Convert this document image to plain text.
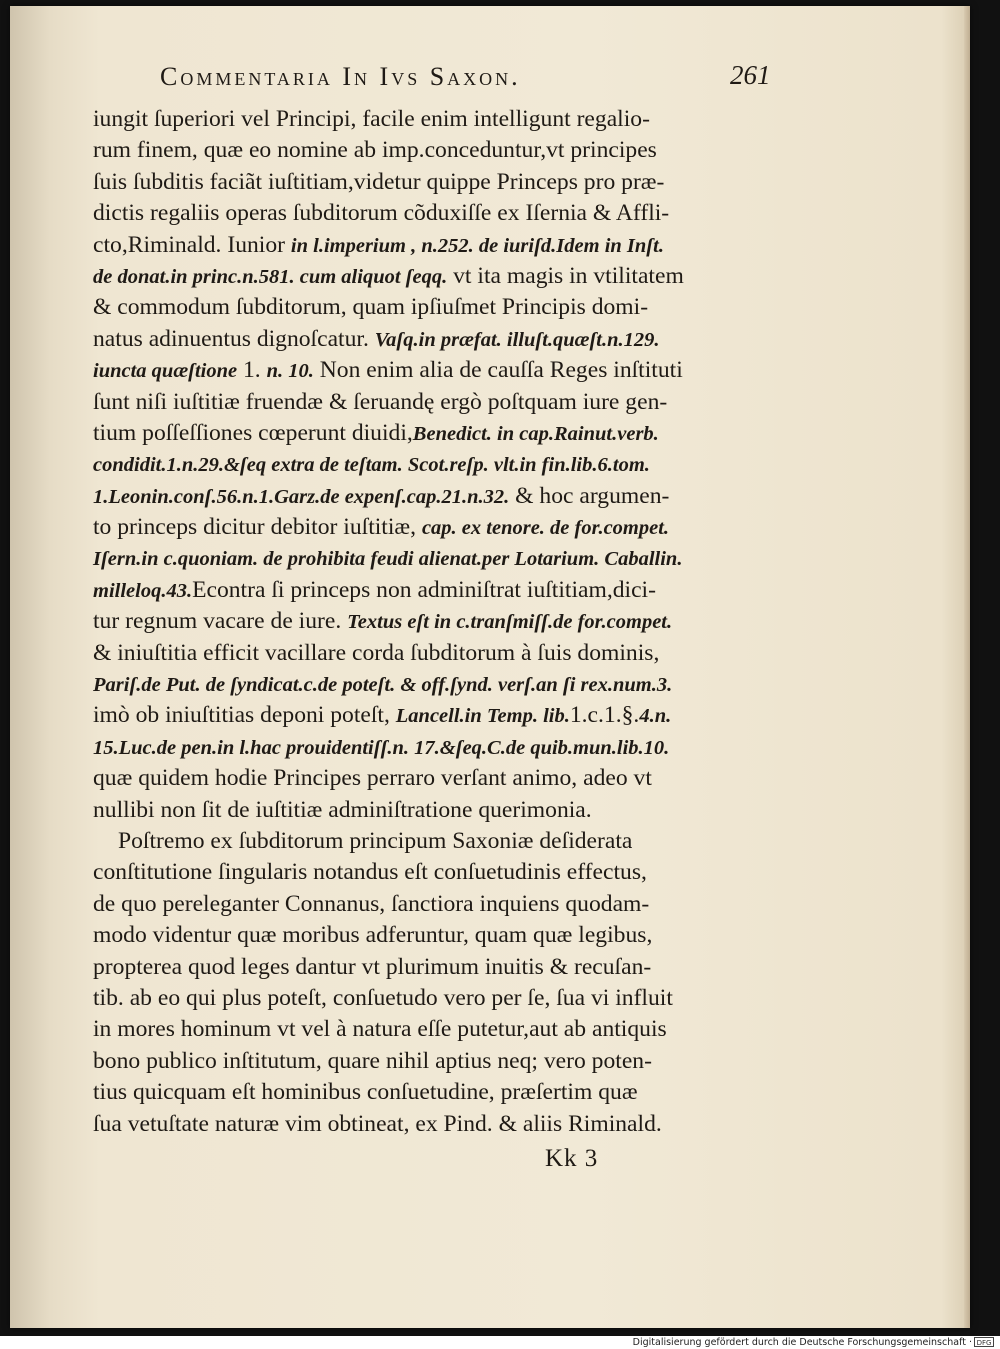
Commentaria In Ivs Saxon.	261
iungit ſuperiori vel Principi, facile enim intelligunt regalio-
rum finem, quæ eo nomine ab imp.conceduntur,vt principes
ſuis ſubditis faciãt iuſtitiam,videtur quippe Princeps pro præ-
dictis regaliis operas ſubditorum cõduxiſſe ex Iſernia & Affli-
cto,Riminald. Iunior in l.imperium , n.252. de iuriſd.Idem in Inſt.
de donat.in princ.n.581. cum aliquot ſeqq. vt ita magis in vtilitatem
& commodum ſubditorum, quam ipſiuſmet Principis domi-
natus adinuentus dignoſcatur. Vaſq.in præfat. illuſt.quæſt.n.129.
iuncta quæſtione 1. n. 10. Non enim alia de cauſſa Reges inſtituti
ſunt niſi iuſtitiæ fruendæ & ſeruandę ergò poſtquam iure gen-
tium poſſeſſiones cœperunt diuidi,Benedict. in cap.Rainut.verb.
condidit.1.n.29.&ſeq extra de teſtam. Scot.reſp. vlt.in fin.lib.6.tom.
1.Leonin.conſ.56.n.1.Garz.de expenſ.cap.21.n.32. & hoc argumen-
to princeps dicitur debitor iuſtitiæ, cap. ex tenore. de for.compet.
Iſern.in c.quoniam. de prohibita feudi alienat.per Lotarium. Caballin.
milleloq.43.Econtra ſi princeps non adminiſtrat iuſtitiam,dici-
tur regnum vacare de iure. Textus eſt in c.tranſmiſſ.de for.compet.
& iniuſtitia efficit vacillare corda ſubditorum à ſuis dominis,
Pariſ.de Put. de ſyndicat.c.de poteſt. & off.ſynd. verſ.an ſi rex.num.3.
imò ob iniuſtitias deponi poteſt, Lancell.in Temp. lib.1.c.1.§.4.n.
15.Luc.de pen.in l.hac prouidentiſſ.n. 17.&ſeq.C.de quib.mun.lib.10.
quæ quidem hodie Principes perraro verſant animo, adeo vt
nullibi non ſit de iuſtitiæ adminiſtratione querimonia.
Poſtremo ex ſubditorum principum Saxoniæ deſiderata
conſtitutione ſingularis notandus eſt conſuetudinis effectus,
de quo pereleganter Connanus, ſanctiora inquiens quodam-
modo videntur quæ moribus adferuntur, quam quæ legibus,
propterea quod leges dantur vt plurimum inuitis & recuſan-
tib. ab eo qui plus poteſt, conſuetudo vero per ſe, ſua vi influit
in mores hominum vt vel à natura eſſe putetur,aut ab antiquis
bono publico inſtitutum, quare nihil aptius neq; vero poten-
tius quicquam eſt hominibus conſuetudine, præſertim quæ
ſua vetuſtate naturæ vim obtineat, ex Pind. & aliis Riminald.
Kk 3
Digitalisierung gefördert durch die Deutsche Forschungsgemeinschaft · DFG
